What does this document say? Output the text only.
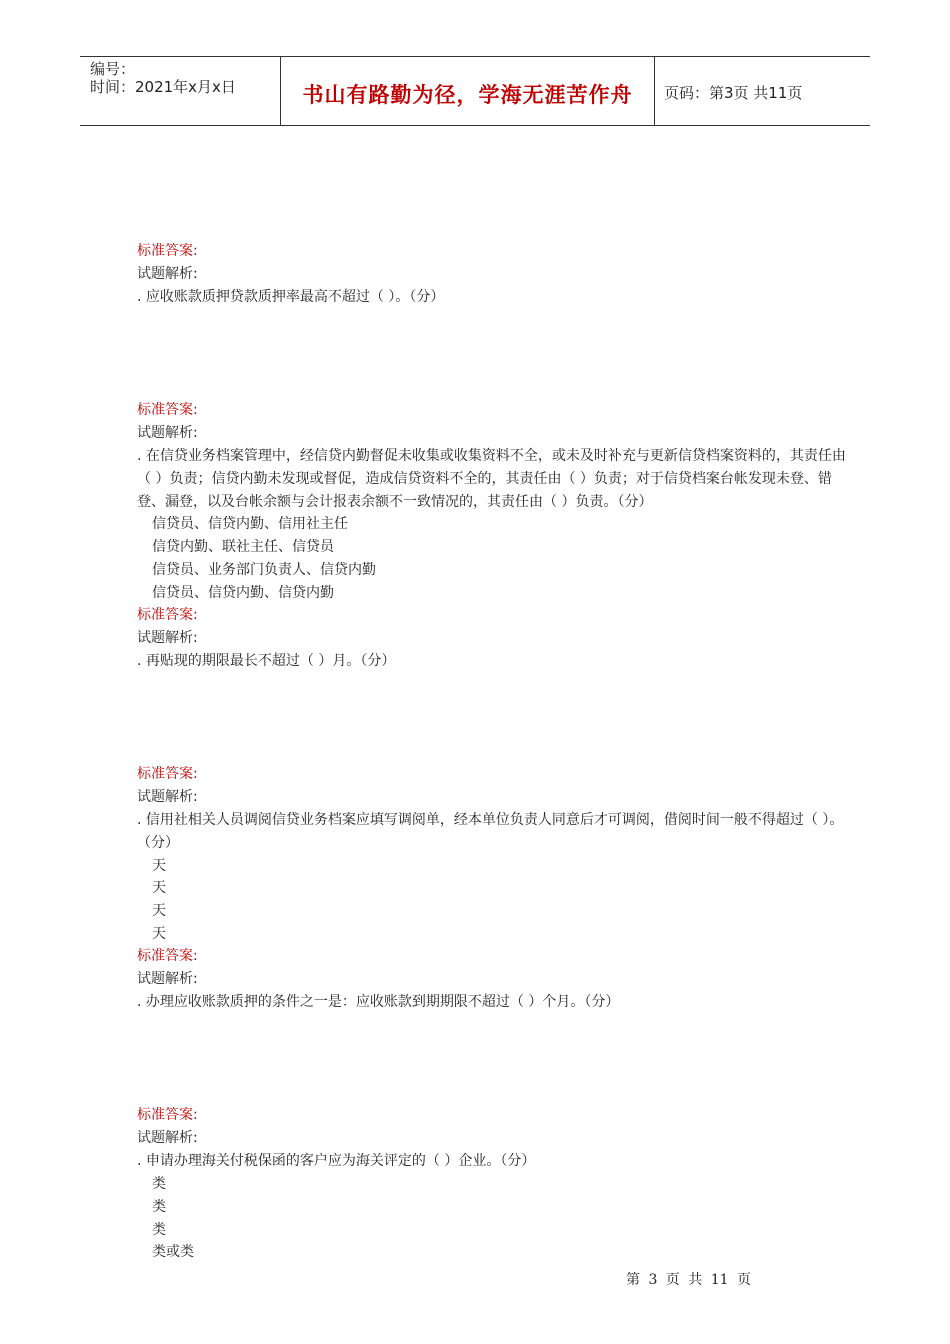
编号：
时间：2021年x月x日	书山有路勤为径，学海无涯苦作舟	页码：第3页 共11页
标准答案:
试题解析:
. 应收账款质押贷款质押率最高不超过（ ）。（分）
标准答案:
试题解析:
. 在信贷业务档案管理中，经信贷内勤督促未收集或收集资料不全，或未及时补充与更新信贷档案资料的，其责任由
（ ）负责；信贷内勤未发现或督促，造成信贷资料不全的，其责任由（ ）负责；对于信贷档案台帐发现未登、错
登、漏登，以及台帐余额与会计报表余额不一致情况的，其责任由（ ）负责。（分）
信贷员、信贷内勤、信用社主任
信贷内勤、联社主任、信贷员
信贷员、业务部门负责人、信贷内勤
信贷员、信贷内勤、信贷内勤
标准答案:
试题解析:
. 再贴现的期限最长不超过（ ）月。（分）
标准答案:
试题解析:
. 信用社相关人员调阅信贷业务档案应填写调阅单，经本单位负责人同意后才可调阅，借阅时间一般不得超过（ ）。
（分）
天
天
天
天
标准答案:
试题解析:
. 办理应收账款质押的条件之一是：应收账款到期期限不超过（ ）个月。（分）
标准答案:
试题解析:
. 申请办理海关付税保函的客户应为海关评定的（ ）企业。（分）
类
类
类
类或类
第 3 页 共 11 页
